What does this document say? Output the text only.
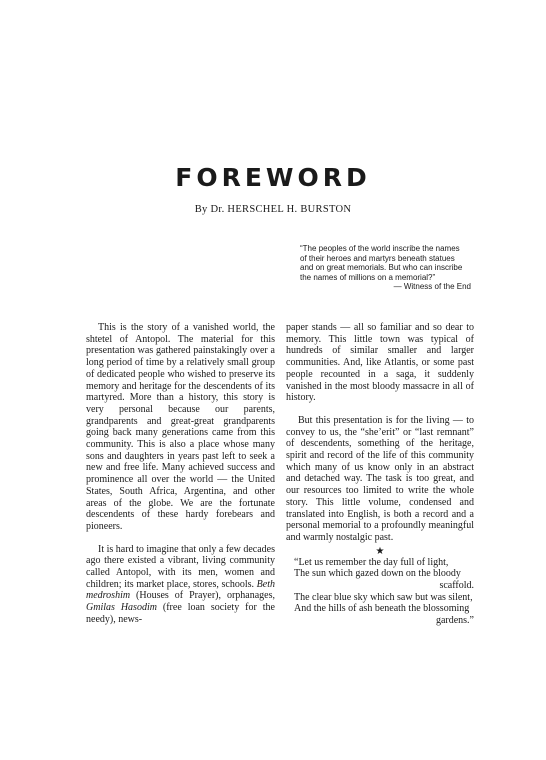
FOREWORD
By Dr. HERSCHEL H. BURSTON
“The peoples of the world inscribe the names
of their heroes and martyrs beneath statues
and on great memorials. But who can inscribe
the names of millions on a memorial?”
— Witness of the End

This is the story of a vanished world, the shtetel of Antopol. The material for this presentation was gathered painstakingly over a long period of time by a relatively small group of dedicated people who wished to preserve its memory and heritage for the descendents of its martyred. More than a history, this story is very personal because our parents, grandparents and great-great grandparents going back many generations came from this community. This is also a place whose many sons and daughters in years past left to seek a new and free life. Many achieved success and prominence all over the world — the United States, South Africa, Argentina, and other areas of the globe. We are the fortunate descendents of these hardy forebears and pioneers.

It is hard to imagine that only a few decades ago there existed a vibrant, living community called Antopol, with its men, women and children; its market place, stores, schools. Beth medroshim (Houses of Prayer), orphanages, Gmilas Hasodim (free loan society for the needy), news-

paper stands — all so familiar and so dear to memory. This little town was typical of hundreds of similar smaller and larger communities. And, like Atlantis, or some past people recounted in a saga, it suddenly vanished in the most bloody massacre in all of history.

But this presentation is for the living — to convey to us, the “she’erit” or “last remnant” of descendents, something of the heritage, spirit and record of the life of this community which many of us know only in an abstract and detached way. The task is too great, and our resources too limited to write the whole story. This little volume, condensed and translated into English, is both a record and a personal memorial to a profoundly meaningful and warmly nostalgic past.

★
“Let us remember the day full of light,
The sun which gazed down on the bloody
scaffold.
The clear blue sky which saw but was silent,
And the hills of ash beneath the blossoming
gardens.”
